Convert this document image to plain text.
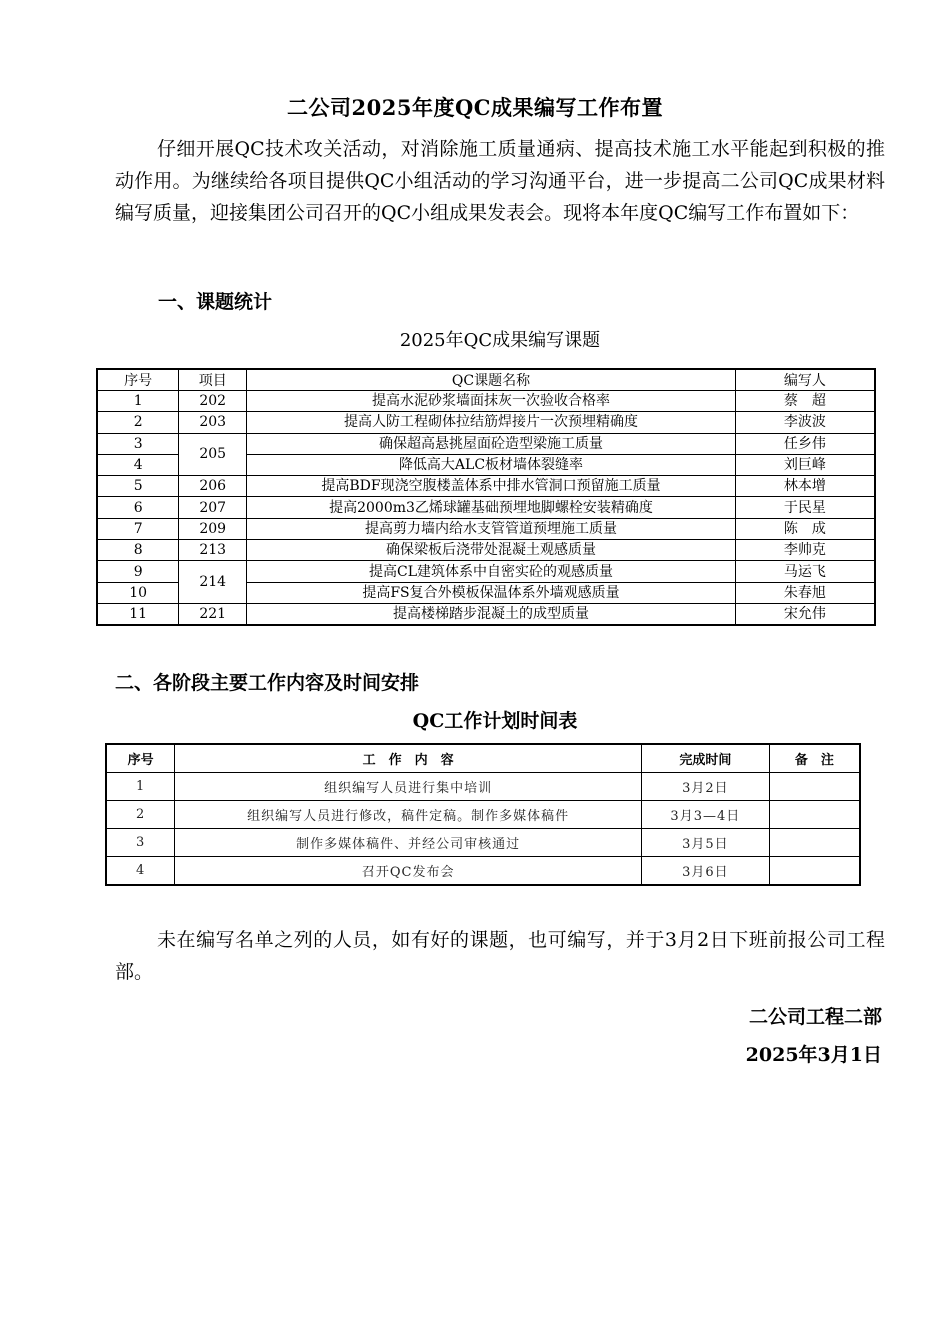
二公司2025年度QC成果编写工作布置
仔细开展QC技术攻关活动，对消除施工质量通病、提高技术施工水平能起到积极的推动作用。为继续给各项目提供QC小组活动的学习沟通平台，进一步提高二公司QC成果材料编写质量，迎接集团公司召开的QC小组成果发表会。现将本年度QC编写工作布置如下：
一、课题统计
2025年QC成果编写课题
序号	项目	QC课题名称	编写人
1	202	提高水泥砂浆墙面抹灰一次验收合格率	蔡　超
2	203	提高人防工程砌体拉结筋焊接片一次预埋精确度	李波波
3	205	确保超高悬挑屋面砼造型梁施工质量	任乡伟
4		降低高大ALC板材墙体裂缝率	刘巨峰
5	206	提高BDF现浇空腹楼盖体系中排水管洞口预留施工质量	林本增
6	207	提高2000m3乙烯球罐基础预埋地脚螺栓安装精确度	于民星
7	209	提高剪力墙内给水支管管道预埋施工质量	陈　成
8	213	确保梁板后浇带处混凝土观感质量	李帅克
9	214	提高CL建筑体系中自密实砼的观感质量	马运飞
10		提高FS复合外模板保温体系外墙观感质量	朱春旭
11	221	提高楼梯踏步混凝土的成型质量	宋允伟
二、各阶段主要工作内容及时间安排
QC工作计划时间表
序号	工　作　内　容	完成时间	备　注
1	组织编写人员进行集中培训	3月2日	
2	组织编写人员进行修改，稿件定稿。制作多媒体稿件	3月3—4日	
3	制作多媒体稿件、并经公司审核通过	3月5日	
4	召开QC发布会	3月6日	
未在编写名单之列的人员，如有好的课题，也可编写，并于3月2日下班前报公司工程部。
二公司工程二部
2025年3月1日
